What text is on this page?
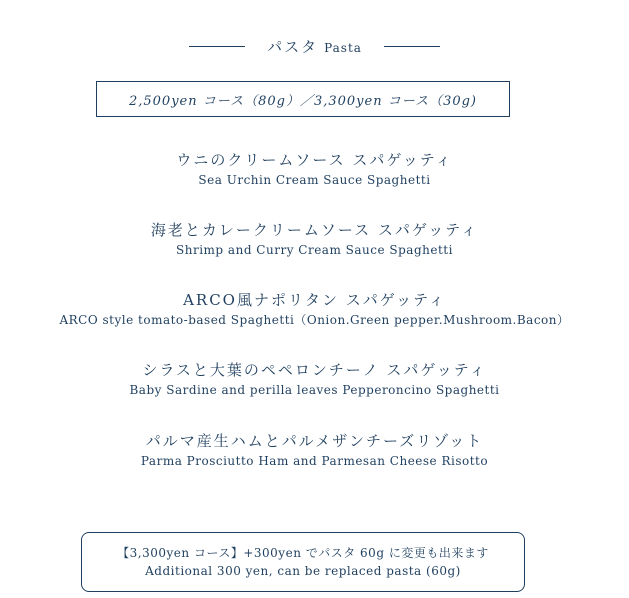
パスタ Pasta
2,500yen コース（80g）／3,300yen コース（30g)
ウニのクリームソース スパゲッティ
Sea Urchin Cream Sauce Spaghetti
海老とカレークリームソース スパゲッティ
Shrimp and Curry Cream Sauce Spaghetti
ARCO風ナポリタン スパゲッティ
ARCO style tomato-based Spaghetti（Onion.Green pepper.Mushroom.Bacon）
シラスと大葉のペペロンチーノ スパゲッティ
Baby Sardine and perilla leaves Pepperoncino Spaghetti
パルマ産生ハムとパルメザンチーズリゾット
Parma Prosciutto Ham and Parmesan Cheese Risotto
【3,300yen コース】+300yen でパスタ 60g に変更も出来ます
Additional 300 yen, can be replaced pasta (60g)
